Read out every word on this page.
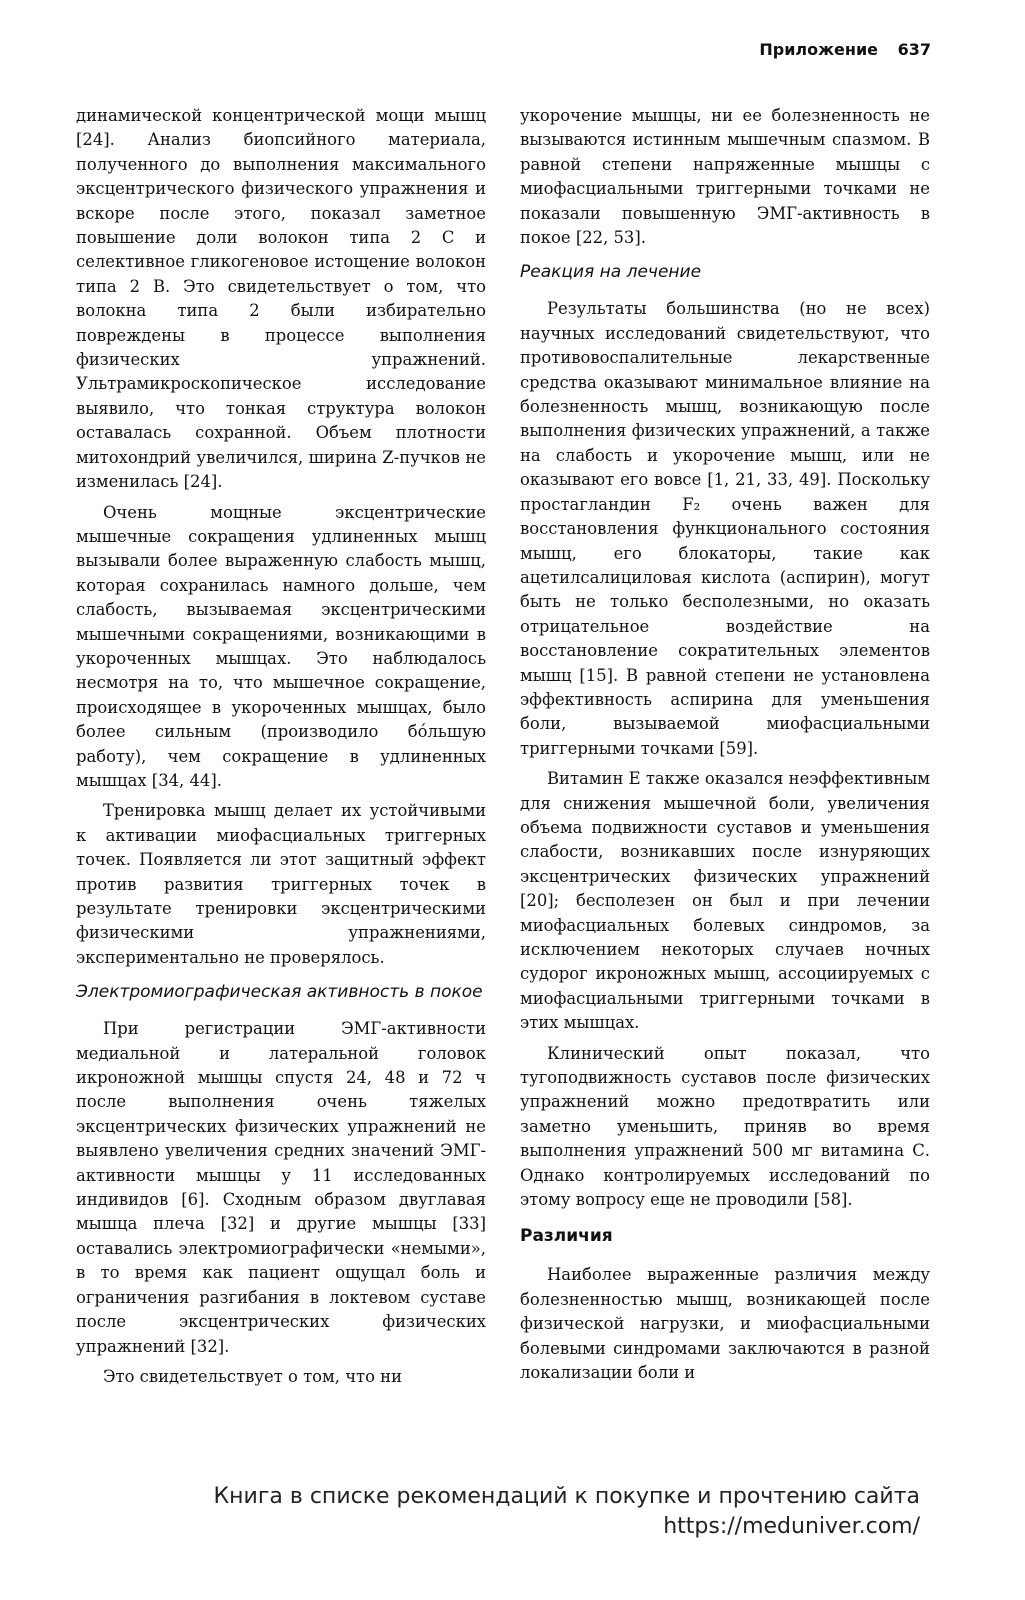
Приложение 637

динамической концентрической мощи мышц [24]. Анализ биопсийного материала, полученного до выполнения максимального эксцентрического физического упражнения и вскоре после этого, показал заметное повышение доли волокон типа 2 С и селективное гликогеновое истощение волокон типа 2 В. Это свидетельствует о том, что волокна типа 2 были избирательно повреждены в процессе выполнения физических упражнений. Ультрамикроскопическое исследование выявило, что тонкая структура волокон оставалась сохранной. Объем плотности митохондрий увеличился, ширина Z-пучков не изменилась [24].

Очень мощные эксцентрические мышечные сокращения удлиненных мышц вызывали более выраженную слабость мышц, которая сохранилась намного дольше, чем слабость, вызываемая эксцентрическими мышечными сокращениями, возникающими в укороченных мышцах. Это наблюдалось несмотря на то, что мышечное сокращение, происходящее в укороченных мышцах, было более сильным (производило бóльшую работу), чем сокращение в удлиненных мышцах [34, 44].

Тренировка мышц делает их устойчивыми к активации миофасциальных триггерных точек. Появляется ли этот защитный эффект против развития триггерных точек в результате тренировки эксцентрическими физическими упражнениями, экспериментально не проверялось.

Электромиографическая активность в покое

При регистрации ЭМГ-активности медиальной и латеральной головок икроножной мышцы спустя 24, 48 и 72 ч после выполнения очень тяжелых эксцентрических физических упражнений не выявлено увеличения средних значений ЭМГ-активности мышцы у 11 исследованных индивидов [6]. Сходным образом двуглавая мышца плеча [32] и другие мышцы [33] оставались электромиографически «немыми», в то время как пациент ощущал боль и ограничения разгибания в локтевом суставе после эксцентрических физических упражнений [32].

Это свидетельствует о том, что ни

укорочение мышцы, ни ее болезненность не вызываются истинным мышечным спазмом. В равной степени напряженные мышцы с миофасциальными триггерными точками не показали повышенную ЭМГ-активность в покое [22, 53].

Реакция на лечение

Результаты большинства (но не всех) научных исследований свидетельствуют, что противовоспалительные лекарственные средства оказывают минимальное влияние на болезненность мышц, возникающую после выполнения физических упражнений, а также на слабость и укорочение мышц, или не оказывают его вовсе [1, 21, 33, 49]. Поскольку простагландин F₂ очень важен для восстановления функционального состояния мышц, его блокаторы, такие как ацетилсалициловая кислота (аспирин), могут быть не только бесполезными, но оказать отрицательное воздействие на восстановление сократительных элементов мышц [15]. В равной степени не установлена эффективность аспирина для уменьшения боли, вызываемой миофасциальными триггерными точками [59].

Витамин Е также оказался неэффективным для снижения мышечной боли, увеличения объема подвижности суставов и уменьшения слабости, возникавших после изнуряющих эксцентрических физических упражнений [20]; бесполезен он был и при лечении миофасциальных болевых синдромов, за исключением некоторых случаев ночных судорог икроножных мышц, ассоциируемых с миофасциальными триггерными точками в этих мышцах.

Клинический опыт показал, что тугоподвижность суставов после физических упражнений можно предотвратить или заметно уменьшить, приняв во время выполнения упражнений 500 мг витамина С. Однако контролируемых исследований по этому вопросу еще не проводили [58].

Различия

Наиболее выраженные различия между болезненностью мышц, возникающей после физической нагрузки, и миофасциальными болевыми синдромами заключаются в разной локализации боли и

Книга в списке рекомендаций к покупке и прочтению сайта https://meduniver.com/
